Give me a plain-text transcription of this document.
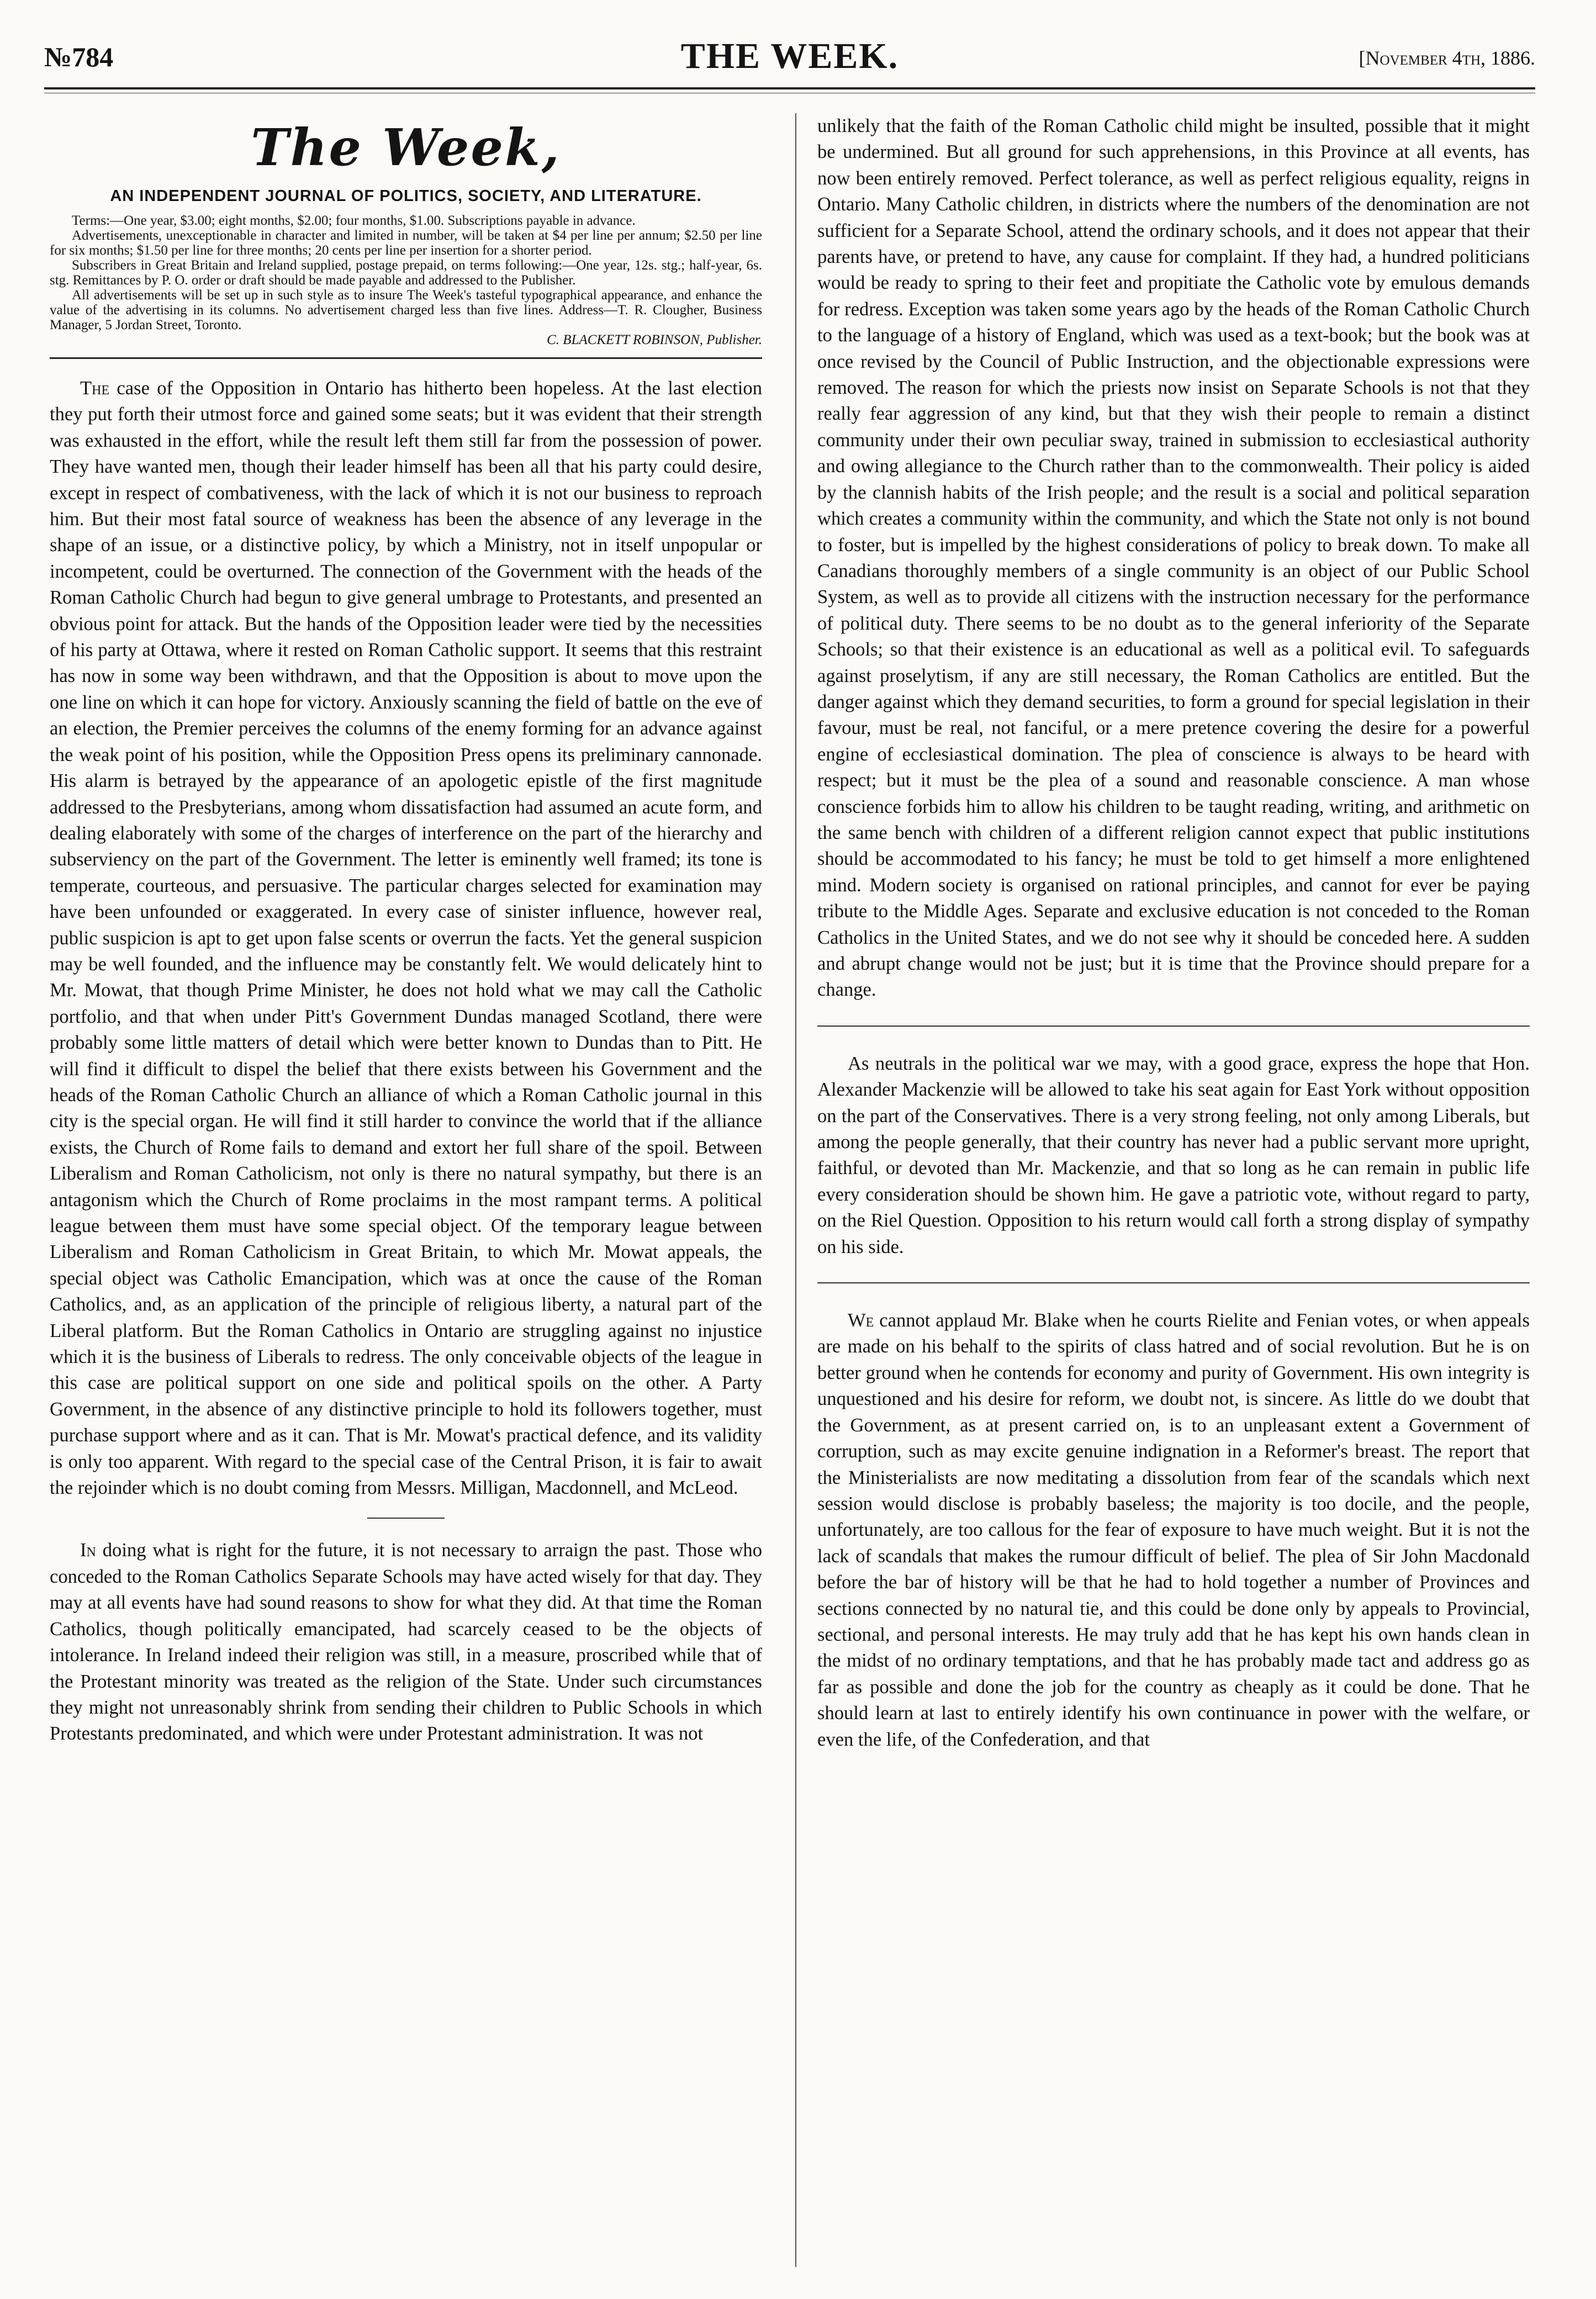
№784	THE WEEK.	[November 4th, 1886.
The Week,
AN INDEPENDENT JOURNAL OF POLITICS, SOCIETY, AND LITERATURE.

Terms:—One year, $3.00; eight months, $2.00; four months, $1.00. Subscriptions payable in advance.

Advertisements, unexceptionable in character and limited in number, will be taken at $4 per line per annum; $2.50 per line for six months; $1.50 per line for three months; 20 cents per line per insertion for a shorter period.

Subscribers in Great Britain and Ireland supplied, postage prepaid, on terms following:—One year, 12s. stg.; half-year, 6s. stg. Remittances by P. O. order or draft should be made payable and addressed to the Publisher.

All advertisements will be set up in such style as to insure The Week's tasteful typographical appearance, and enhance the value of the advertising in its columns. No advertisement charged less than five lines. Address—T. R. Clougher, Business Manager, 5 Jordan Street, Toronto.

C. BLACKETT ROBINSON, Publisher.

The case of the Opposition in Ontario has hitherto been hopeless. At the last election they put forth their utmost force and gained some seats; but it was evident that their strength was exhausted in the effort, while the result left them still far from the possession of power. They have wanted men, though their leader himself has been all that his party could desire, except in respect of combativeness, with the lack of which it is not our business to reproach him. But their most fatal source of weakness has been the absence of any leverage in the shape of an issue, or a distinctive policy, by which a Ministry, not in itself unpopular or incompetent, could be overturned. The connection of the Government with the heads of the Roman Catholic Church had begun to give general umbrage to Protestants, and presented an obvious point for attack. But the hands of the Opposition leader were tied by the necessities of his party at Ottawa, where it rested on Roman Catholic support. It seems that this restraint has now in some way been withdrawn, and that the Opposition is about to move upon the one line on which it can hope for victory. Anxiously scanning the field of battle on the eve of an election, the Premier perceives the columns of the enemy forming for an advance against the weak point of his position, while the Opposition Press opens its preliminary cannonade. His alarm is betrayed by the appearance of an apologetic epistle of the first magnitude addressed to the Presbyterians, among whom dissatisfaction had assumed an acute form, and dealing elaborately with some of the charges of interference on the part of the hierarchy and subserviency on the part of the Government. The letter is eminently well framed; its tone is temperate, courteous, and persuasive. The particular charges selected for examination may have been unfounded or exaggerated. In every case of sinister influence, however real, public suspicion is apt to get upon false scents or overrun the facts. Yet the general suspicion may be well founded, and the influence may be constantly felt. We would delicately hint to Mr. Mowat, that though Prime Minister, he does not hold what we may call the Catholic portfolio, and that when under Pitt's Government Dundas managed Scotland, there were probably some little matters of detail which were better known to Dundas than to Pitt. He will find it difficult to dispel the belief that there exists between his Government and the heads of the Roman Catholic Church an alliance of which a Roman Catholic journal in this city is the special organ. He will find it still harder to convince the world that if the alliance exists, the Church of Rome fails to demand and extort her full share of the spoil. Between Liberalism and Roman Catholicism, not only is there no natural sympathy, but there is an antagonism which the Church of Rome proclaims in the most rampant terms. A political league between them must have some special object. Of the temporary league between Liberalism and Roman Catholicism in Great Britain, to which Mr. Mowat appeals, the special object was Catholic Emancipation, which was at once the cause of the Roman Catholics, and, as an application of the principle of religious liberty, a natural part of the Liberal platform. But the Roman Catholics in Ontario are struggling against no injustice which it is the business of Liberals to redress. The only conceivable objects of the league in this case are political support on one side and political spoils on the other. A Party Government, in the absence of any distinctive principle to hold its followers together, must purchase support where and as it can. That is Mr. Mowat's practical defence, and its validity is only too apparent. With regard to the special case of the Central Prison, it is fair to await the rejoinder which is no doubt coming from Messrs. Milligan, Macdonnell, and McLeod.

In doing what is right for the future, it is not necessary to arraign the past. Those who conceded to the Roman Catholics Separate Schools may have acted wisely for that day. They may at all events have had sound reasons to show for what they did. At that time the Roman Catholics, though politically emancipated, had scarcely ceased to be the objects of intolerance. In Ireland indeed their religion was still, in a measure, proscribed while that of the Protestant minority was treated as the religion of the State. Under such circumstances they might not unreasonably shrink from sending their children to Public Schools in which Protestants predominated, and which were under Protestant administration. It was not

unlikely that the faith of the Roman Catholic child might be insulted, possible that it might be undermined. But all ground for such apprehensions, in this Province at all events, has now been entirely removed. Perfect tolerance, as well as perfect religious equality, reigns in Ontario. Many Catholic children, in districts where the numbers of the denomination are not sufficient for a Separate School, attend the ordinary schools, and it does not appear that their parents have, or pretend to have, any cause for complaint. If they had, a hundred politicians would be ready to spring to their feet and propitiate the Catholic vote by emulous demands for redress. Exception was taken some years ago by the heads of the Roman Catholic Church to the language of a history of England, which was used as a text-book; but the book was at once revised by the Council of Public Instruction, and the objectionable expressions were removed. The reason for which the priests now insist on Separate Schools is not that they really fear aggression of any kind, but that they wish their people to remain a distinct community under their own peculiar sway, trained in submission to ecclesiastical authority and owing allegiance to the Church rather than to the commonwealth. Their policy is aided by the clannish habits of the Irish people; and the result is a social and political separation which creates a community within the community, and which the State not only is not bound to foster, but is impelled by the highest considerations of policy to break down. To make all Canadians thoroughly members of a single community is an object of our Public School System, as well as to provide all citizens with the instruction necessary for the performance of political duty. There seems to be no doubt as to the general inferiority of the Separate Schools; so that their existence is an educational as well as a political evil. To safeguards against proselytism, if any are still necessary, the Roman Catholics are entitled. But the danger against which they demand securities, to form a ground for special legislation in their favour, must be real, not fanciful, or a mere pretence covering the desire for a powerful engine of ecclesiastical domination. The plea of conscience is always to be heard with respect; but it must be the plea of a sound and reasonable conscience. A man whose conscience forbids him to allow his children to be taught reading, writing, and arithmetic on the same bench with children of a different religion cannot expect that public institutions should be accommodated to his fancy; he must be told to get himself a more enlightened mind. Modern society is organised on rational principles, and cannot for ever be paying tribute to the Middle Ages. Separate and exclusive education is not conceded to the Roman Catholics in the United States, and we do not see why it should be conceded here. A sudden and abrupt change would not be just; but it is time that the Province should prepare for a change.

As neutrals in the political war we may, with a good grace, express the hope that Hon. Alexander Mackenzie will be allowed to take his seat again for East York without opposition on the part of the Conservatives. There is a very strong feeling, not only among Liberals, but among the people generally, that their country has never had a public servant more upright, faithful, or devoted than Mr. Mackenzie, and that so long as he can remain in public life every consideration should be shown him. He gave a patriotic vote, without regard to party, on the Riel Question. Opposition to his return would call forth a strong display of sympathy on his side.

We cannot applaud Mr. Blake when he courts Rielite and Fenian votes, or when appeals are made on his behalf to the spirits of class hatred and of social revolution. But he is on better ground when he contends for economy and purity of Government. His own integrity is unquestioned and his desire for reform, we doubt not, is sincere. As little do we doubt that the Government, as at present carried on, is to an unpleasant extent a Government of corruption, such as may excite genuine indignation in a Reformer's breast. The report that the Ministerialists are now meditating a dissolution from fear of the scandals which next session would disclose is probably baseless; the majority is too docile, and the people, unfortunately, are too callous for the fear of exposure to have much weight. But it is not the lack of scandals that makes the rumour difficult of belief. The plea of Sir John Macdonald before the bar of history will be that he had to hold together a number of Provinces and sections connected by no natural tie, and this could be done only by appeals to Provincial, sectional, and personal interests. He may truly add that he has kept his own hands clean in the midst of no ordinary temptations, and that he has probably made tact and address go as far as possible and done the job for the country as cheaply as it could be done. That he should learn at last to entirely identify his own continuance in power with the welfare, or even the life, of the Confederation, and that
